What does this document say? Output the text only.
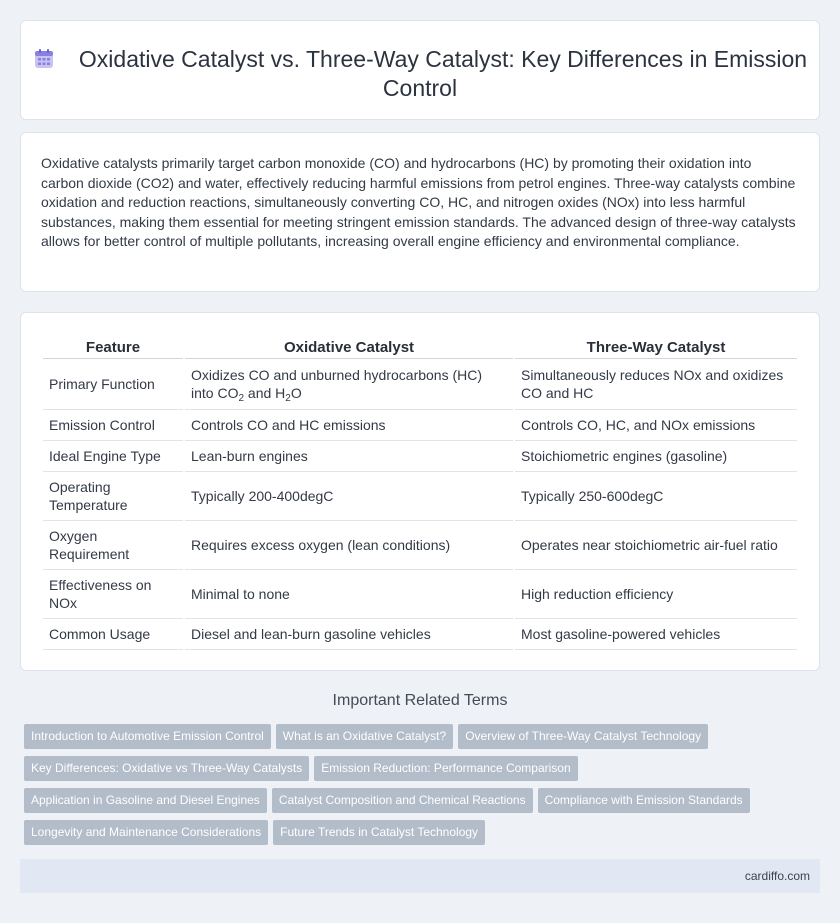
Oxidative Catalyst vs. Three-Way Catalyst: Key Differences in Emission Control

Oxidative catalysts primarily target carbon monoxide (CO) and hydrocarbons (HC) by promoting their oxidation into carbon dioxide (CO2) and water, effectively reducing harmful emissions from petrol engines. Three-way catalysts combine oxidation and reduction reactions, simultaneously converting CO, HC, and nitrogen oxides (NOx) into less harmful substances, making them essential for meeting stringent emission standards. The advanced design of three-way catalysts allows for better control of multiple pollutants, increasing overall engine efficiency and environmental compliance.

Feature	Oxidative Catalyst	Three-Way Catalyst
Primary Function	Oxidizes CO and unburned hydrocarbons (HC) into $CO_2$ and $H_2O$	Simultaneously reduces NOx and oxidizes CO and HC
Emission Control	Controls CO and HC emissions	Controls CO, HC, and NOx emissions
Ideal Engine Type	Lean-burn engines	Stoichiometric engines (gasoline)
Operating Temperature	Typically 200-400degC	Typically 250-600degC
Oxygen Requirement	Requires excess oxygen (lean conditions)	Operates near stoichiometric air-fuel ratio
Effectiveness on NOx	Minimal to none	High reduction efficiency
Common Usage	Diesel and lean-burn gasoline vehicles	Most gasoline-powered vehicles
Important Related Terms
Introduction to Automotive Emission Control What is an Oxidative Catalyst? Overview of Three-Way Catalyst Technology
Key Differences: Oxidative vs Three-Way Catalysts Emission Reduction: Performance Comparison
Application in Gasoline and Diesel Engines Catalyst Composition and Chemical Reactions Compliance with Emission Standards
Longevity and Maintenance Considerations Future Trends in Catalyst Technology
cardiffo.com
